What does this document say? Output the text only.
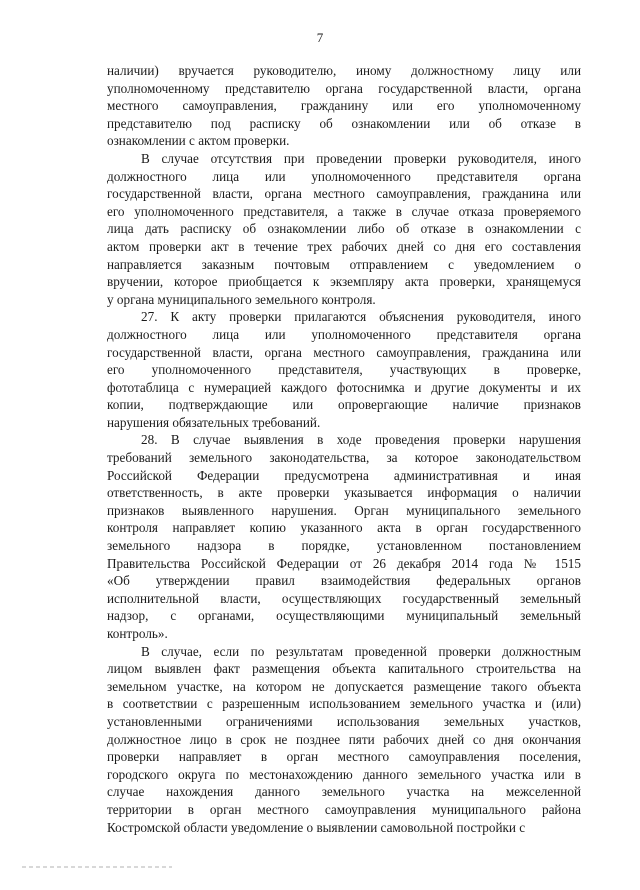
7
наличии) вручается руководителю, иному должностному лицу или
уполномоченному представителю органа государственной власти, органа
местного самоуправления, гражданину или его уполномоченному
представителю под расписку об ознакомлении или об отказе в
ознакомлении с актом проверки.
В случае отсутствия при проведении проверки руководителя, иного
должностного лица или уполномоченного представителя органа
государственной власти, органа местного самоуправления, гражданина или
его уполномоченного представителя, а также в случае отказа проверяемого
лица дать расписку об ознакомлении либо об отказе в ознакомлении с
актом проверки акт в течение трех рабочих дней со дня его составления
направляется заказным почтовым отправлением с уведомлением о
вручении, которое приобщается к экземпляру акта проверки, хранящемуся
у органа муниципального земельного контроля.
27. К акту проверки прилагаются объяснения руководителя, иного
должностного лица или уполномоченного представителя органа
государственной власти, органа местного самоуправления, гражданина или
его уполномоченного представителя, участвующих в проверке,
фототаблица с нумерацией каждого фотоснимка и другие документы и их
копии, подтверждающие или опровергающие наличие признаков
нарушения обязательных требований.
28. В случае выявления в ходе проведения проверки нарушения
требований земельного законодательства, за которое законодательством
Российской Федерации предусмотрена административная и иная
ответственность, в акте проверки указывается информация о наличии
признаков выявленного нарушения. Орган муниципального земельного
контроля направляет копию указанного акта в орган государственного
земельного надзора в порядке, установленном постановлением
Правительства Российской Федерации от 26 декабря 2014 года № 1515
«Об утверждении правил взаимодействия федеральных органов
исполнительной власти, осуществляющих государственный земельный
надзор, с органами, осуществляющими муниципальный земельный
контроль».
В случае, если по результатам проведенной проверки должностным
лицом выявлен факт размещения объекта капитального строительства на
земельном участке, на котором не допускается размещение такого объекта
в соответствии с разрешенным использованием земельного участка и (или)
установленными ограничениями использования земельных участков,
должностное лицо в срок не позднее пяти рабочих дней со дня окончания
проверки направляет в орган местного самоуправления поселения,
городского округа по местонахождению данного земельного участка или в
случае нахождения данного земельного участка на межселенной
территории в орган местного самоуправления муниципального района
Костромской области уведомление о выявлении самовольной постройки с
